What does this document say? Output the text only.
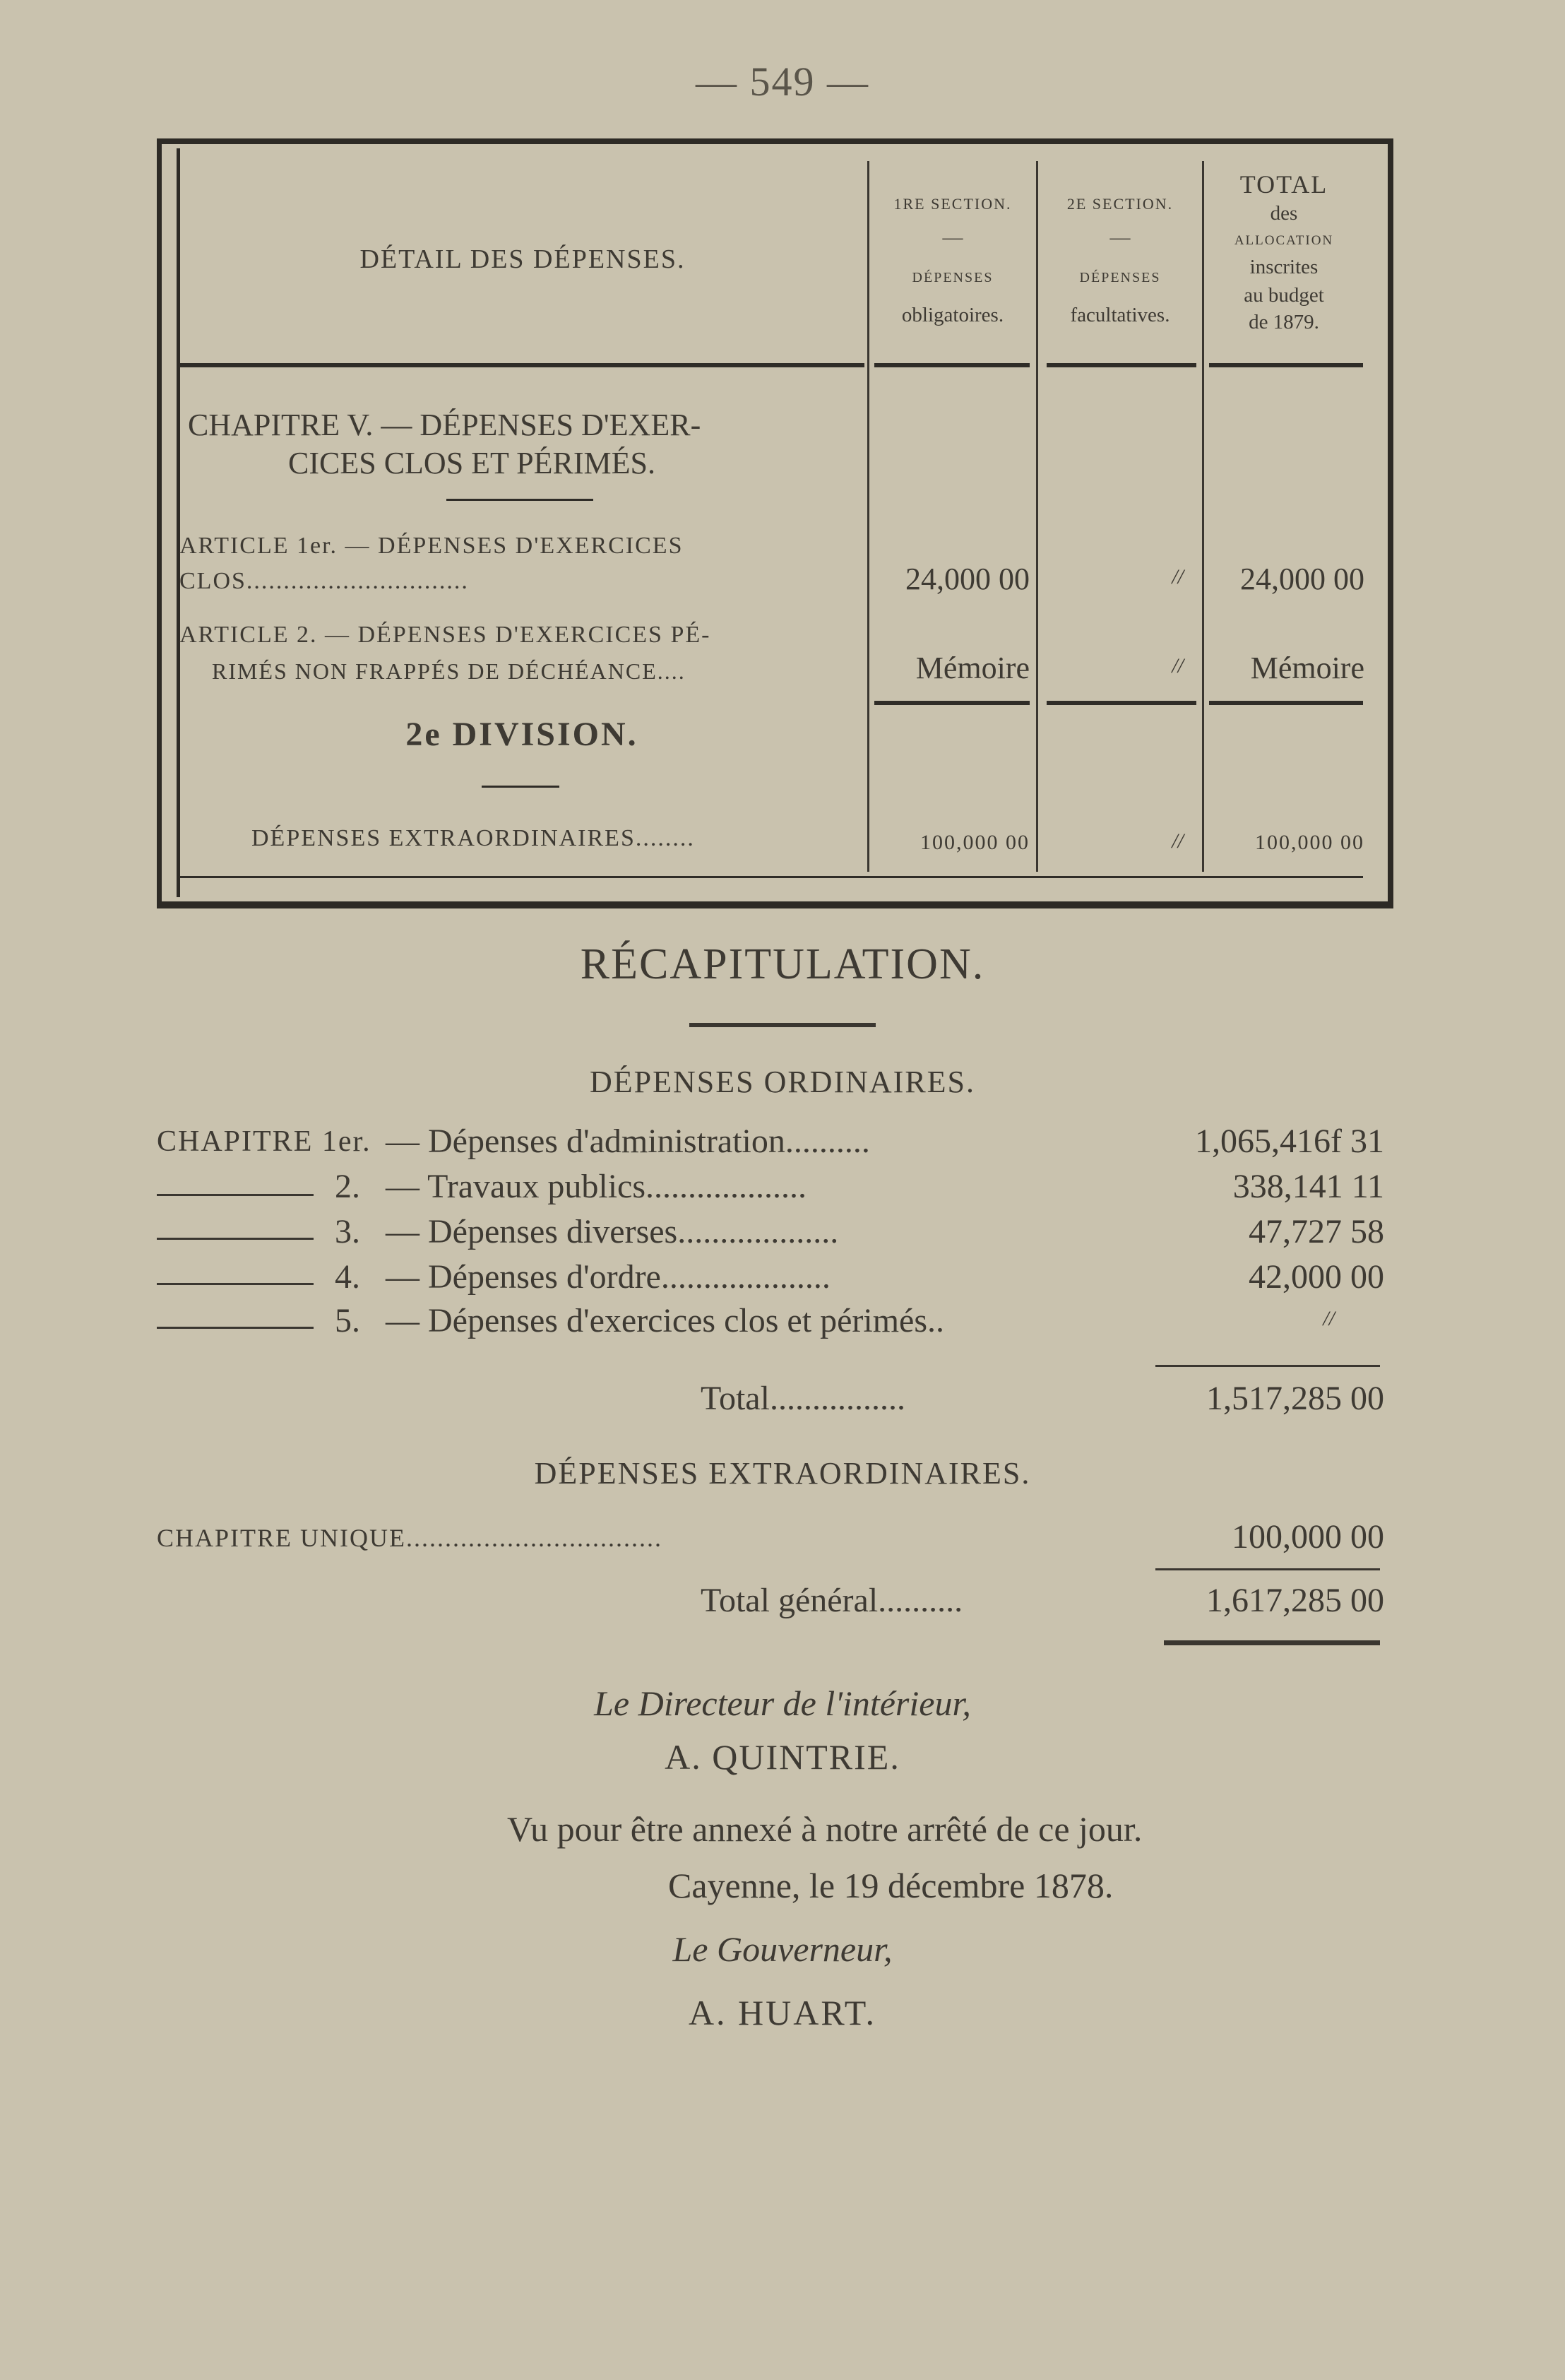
— 549 —
DÉTAIL DES DÉPENSES.
1RE SECTION.
—
DÉPENSES
obligatoires.
2E SECTION.
—
DÉPENSES
facultatives.
TOTAL
des
ALLOCATION
inscrites
au budget
de 1879.
CHAPITRE V. — DÉPENSES D'EXER-
CICES CLOS ET PÉRIMÉS.
ARTICLE 1er. — DÉPENSES D'EXERCICES
CLOS..............................	24,000 00	//	24,000 00
ARTICLE 2. — DÉPENSES D'EXERCICES PÉ-
RIMÉS NON FRAPPÉS DE DÉCHÉANCE....	Mémoire	//	Mémoire
2e DIVISION.
DÉPENSES EXTRAORDINAIRES........	100,000 00	//	100,000 00
RÉCAPITULATION.
DÉPENSES ORDINAIRES.
CHAPITRE 1er. — Dépenses d'administration..........	1,065,416f 31
2. — Travaux publics...................	338,141 11
3. — Dépenses diverses...................	47,727 58
4. — Dépenses d'ordre....................	42,000 00
5. — Dépenses d'exercices clos et périmés..	//
Total................	1,517,285 00
DÉPENSES EXTRAORDINAIRES.
CHAPITRE UNIQUE.................................	100,000 00
Total général..........	1,617,285 00
Le Directeur de l'intérieur,
A. QUINTRIE.
Vu pour être annexé à notre arrêté de ce jour.
Cayenne, le 19 décembre 1878.
Le Gouverneur,
A. HUART.
